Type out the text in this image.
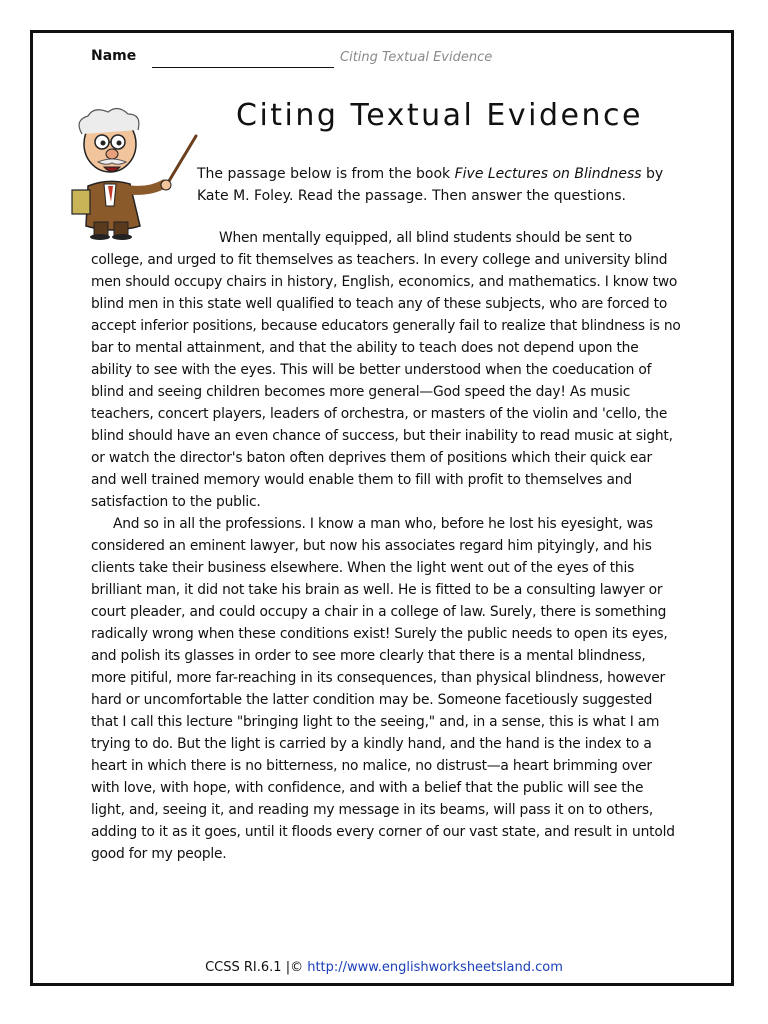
Name	Citing Textual Evidence
Citing Textual Evidence
The passage below is from the book Five Lectures on Blindness by Kate M. Foley. Read the passage. Then answer the questions.

When mentally equipped, all blind students should be sent to college, and urged to fit themselves as teachers. In every college and university blind men should occupy chairs in history, English, economics, and mathematics. I know two blind men in this state well qualified to teach any of these subjects, who are forced to accept inferior positions, because educators generally fail to realize that blindness is no bar to mental attainment, and that the ability to teach does not depend upon the ability to see with the eyes. This will be better understood when the coeducation of blind and seeing children becomes more general—God speed the day! As music teachers, concert players, leaders of orchestra, or masters of the violin and 'cello, the blind should have an even chance of success, but their inability to read music at sight, or watch the director's baton often deprives them of positions which their quick ear and well trained memory would enable them to fill with profit to themselves and satisfaction to the public.

And so in all the professions. I know a man who, before he lost his eyesight, was considered an eminent lawyer, but now his associates regard him pityingly, and his clients take their business elsewhere. When the light went out of the eyes of this brilliant man, it did not take his brain as well. He is fitted to be a consulting lawyer or court pleader, and could occupy a chair in a college of law. Surely, there is something radically wrong when these conditions exist! Surely the public needs to open its eyes, and polish its glasses in order to see more clearly that there is a mental blindness, more pitiful, more far-reaching in its consequences, than physical blindness, however hard or uncomfortable the latter condition may be. Someone facetiously suggested that I call this lecture "bringing light to the seeing," and, in a sense, this is what I am trying to do. But the light is carried by a kindly hand, and the hand is the index to a heart in which there is no bitterness, no malice, no distrust—a heart brimming over with love, with hope, with confidence, and with a belief that the public will see the light, and, seeing it, and reading my message in its beams, will pass it on to others, adding to it as it goes, until it floods every corner of our vast state, and result in untold good for my people.

CCSS RI.6.1 |© http://www.englishworksheetsland.com
